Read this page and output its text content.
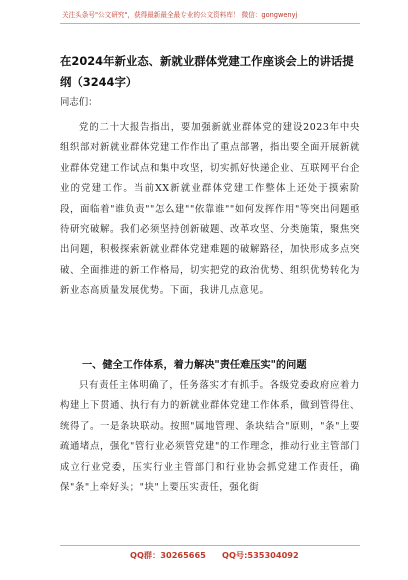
关注头条号"公文研究"，获得最新最全最专业的公文资料库！ 微信：gongwenyj
在2024年新业态、新就业群体党建工作座谈会上的讲话提纲（3244字）
同志们：

党的二十大报告指出，要加强新就业群体党的建设2023年中央组织部对新就业群体党建工作作出了重点部署，指出要全面开展新就业群体党建工作试点和集中攻坚，切实抓好快递企业、互联网平台企业的党建工作。当前XX新就业群体党建工作整体上还处于摸索阶段，面临着"谁负责""怎么建""依靠谁""如何发挥作用"等突出问题亟待研究破解。我们必须坚持创新破题、改革攻坚、分类施策，聚焦突出问题，积极探索新就业群体党建难题的破解路径，加快形成多点突破、全面推进的新工作格局，切实把党的政治优势、组织优势转化为新业态高质量发展优势。下面，我讲几点意见。

一、健全工作体系，着力解决"责任难压实"的问题

只有责任主体明确了，任务落实才有抓手。各级党委政府应着力构建上下贯通、执行有力的新就业群体党建工作体系，做到管得住、统得了。一是条块联动。按照"属地管理、条块结合"原则，"条"上要疏通堵点，强化"管行业必须管党建"的工作理念，推动行业主管部门成立行业党委，压实行业主管部门和行业协会抓党建工作责任，确保"条"上牵好头；"块"上要压实责任，强化街

QQ群：30265665 QQ号:535304092
